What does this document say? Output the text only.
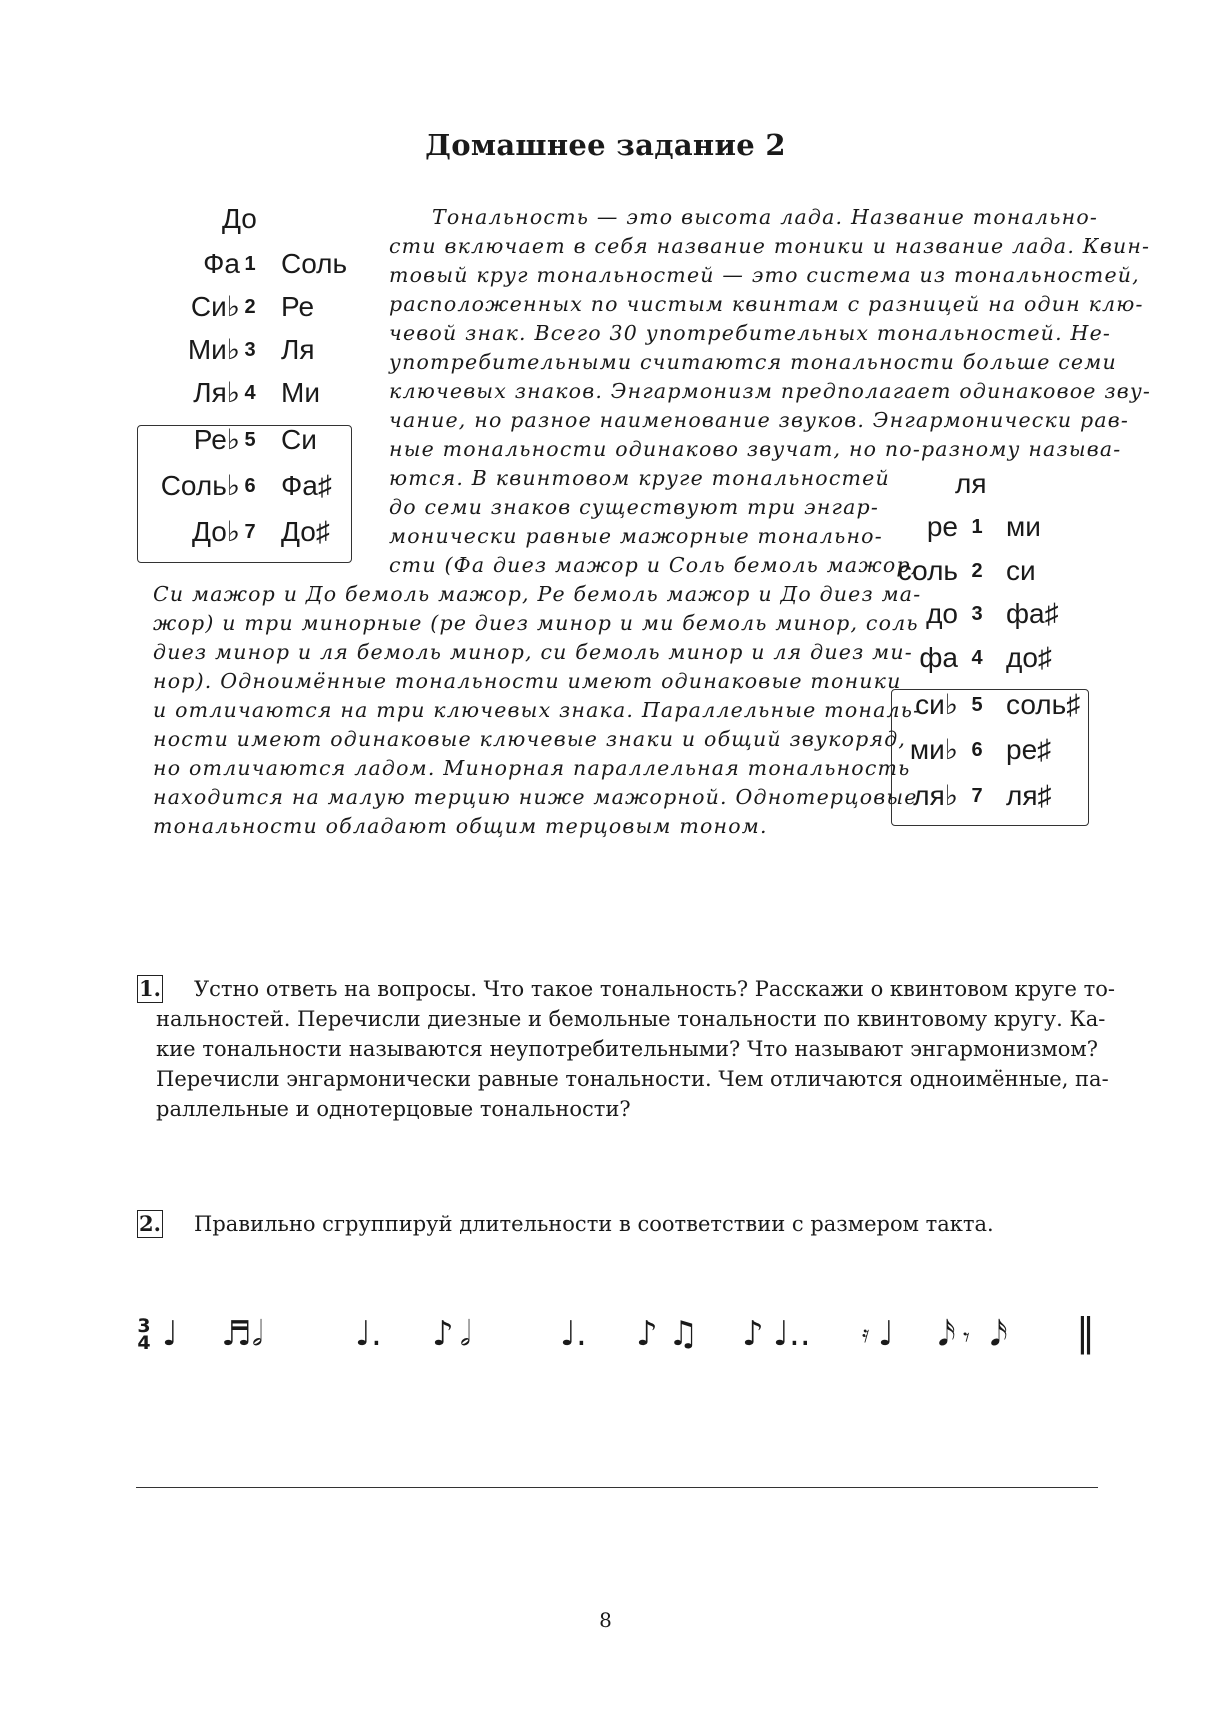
Домашнее задание 2
До
Фа 1 Соль
Си♭ 2 Ре
Ми♭ 3 Ля
Ля♭ 4 Ми
Ре♭ 5 Си
Соль♭ 6 Фа♯
До♭ 7 До♯
ля
ре 1 ми
соль 2 си
до 3 фа♯
фа 4 до♯
си♭ 5 соль♯
ми♭ 6 ре♯
ля♭ 7 ля♯
Тональность — это высота лада. Название тонально-
сти включает в себя название тоники и название лада. Квин-
товый круг тональностей — это система из тональностей,
расположенных по чистым квинтам с разницей на один клю-
чевой знак. Всего 30 употребительных тональностей. Не-
употребительными считаются тональности больше семи
ключевых знаков. Энгармонизм предполагает одинаковое зву-
чание, но разное наименование звуков. Энгармонически рав-
ные тональности одинаково звучат, но по-разному называ-
ются. В квинтовом круге тональностей
до семи знаков существуют три энгар-
монически равные мажорные тонально-
сти (Фа диез мажор и Соль бемоль мажор,
Си мажор и До бемоль мажор, Ре бемоль мажор и До диез ма-
жор) и три минорные (ре диез минор и ми бемоль минор, соль
диез минор и ля бемоль минор, си бемоль минор и ля диез ми-
нор). Одноимённые тональности имеют одинаковые тоники
и отличаются на три ключевых знака. Параллельные тональ-
ности имеют одинаковые ключевые знаки и общий звукоряд,
но отличаются ладом. Минорная параллельная тональность
находится на малую терцию ниже мажорной. Однотерцовые
тональности обладают общим терцовым тоном.
1. Устно ответь на вопросы. Что такое тональность? Расскажи о квинтовом круге то-
нальностей. Перечисли диезные и бемольные тональности по квинтовому кругу. Ка-
кие тональности называются неупотребительными? Что называют энгармонизмом?
Перечисли энгармонически равные тональности. Чем отличаются одноимённые, па-
раллельные и однотерцовые тональности?
2. Правильно сгруппируй длительности в соответствии с размером такта.
3
4 ♩ ♬ 𝅗𝅥	♩. ♪ 𝅗𝅥	♩. ♪ ♫ ♪ ♩.. 𝄿 ♩ 𝅘𝅥𝅯 𝄾 𝅘𝅥𝅯 ‖
8
